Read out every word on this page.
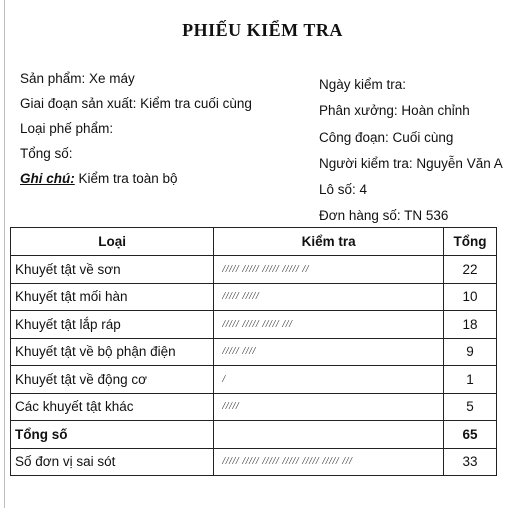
PHIẾU KIỂM TRA
Sản phẩm: Xe máy
Giai đoạn sản xuất: Kiểm tra cuối cùng
Loại phế phẩm:
Tổng số:
Ghi chú: Kiểm tra toàn bộ
Ngày kiểm tra:
Phân xưởng: Hoàn chỉnh
Công đoạn: Cuối cùng
Người kiểm tra: Nguyễn Văn A
Lô số: 4
Đơn hàng số: TN 536
Loại	Kiểm tra	Tổng
Khuyết tật về sơn	///// ///// ///// ///// //	22
Khuyết tật mối hàn	///// /////	10
Khuyết tật lắp ráp	///// ///// ///// ///	18
Khuyết tật về bộ phận điện	///// ////	9
Khuyết tật về động cơ	/	1
Các khuyết tật khác	/////	5
Tổng số		65
Số đơn vị sai sót	///// ///// ///// ///// ///// ///// ///	33
